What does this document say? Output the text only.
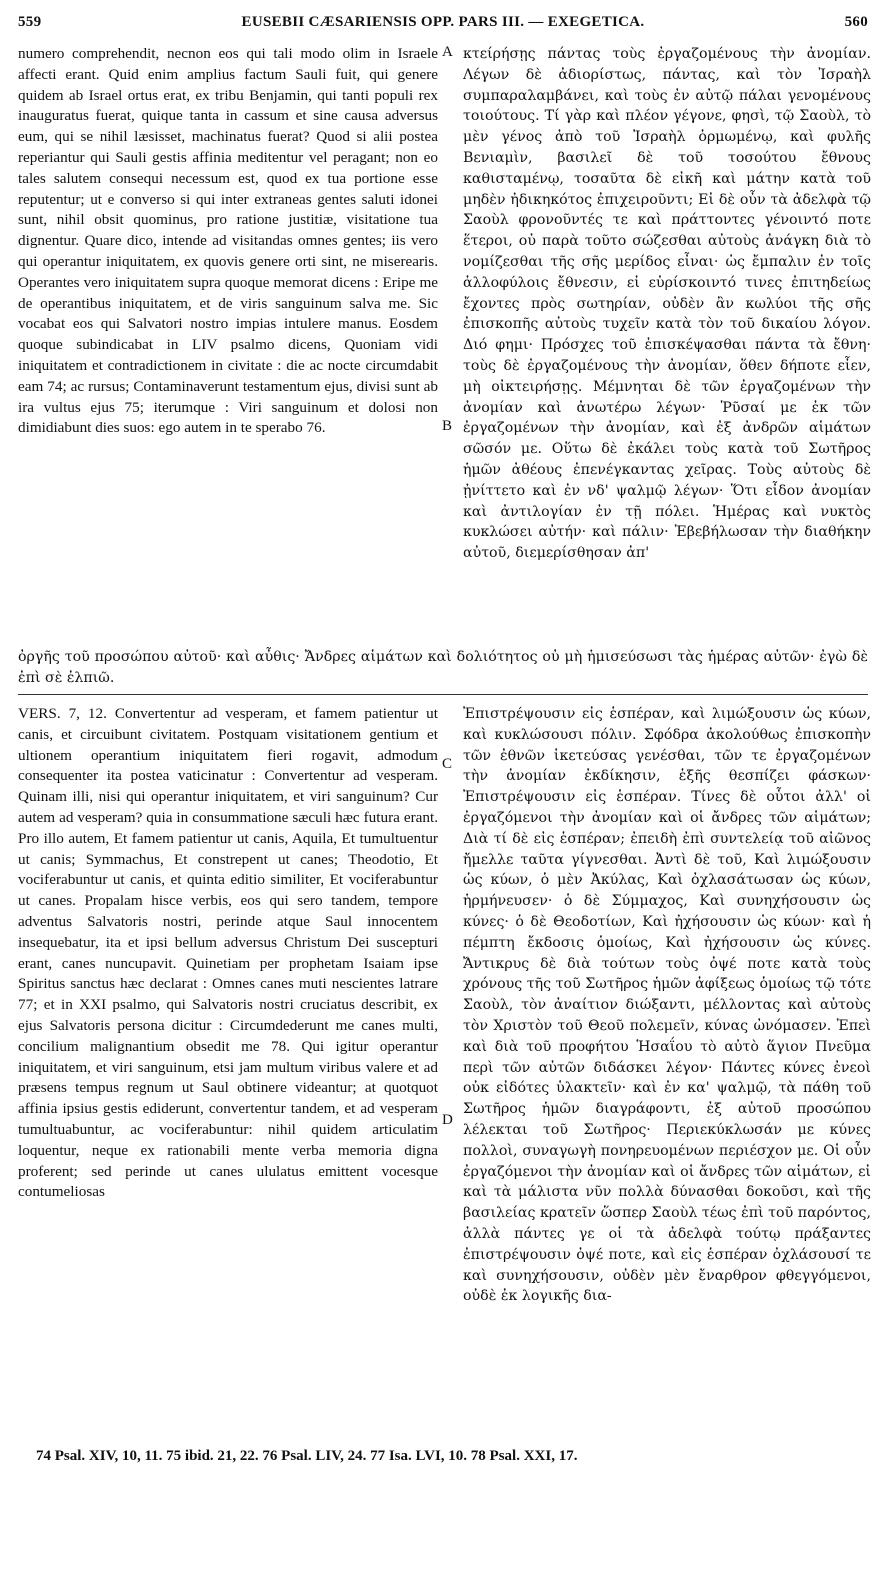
559	EUSEBII CÆSARIENSIS OPP. PARS III. — EXEGETICA.	560

numero comprehendit, necnon eos qui tali modo olim in Israele affecti erant. Quid enim amplius factum Sauli fuit, qui genere quidem ab Israel ortus erat, ex tribu Benjamin, qui tanti populi rex inauguratus fuerat, quique tanta in cassum et sine causa adversus eum, qui se nihil læsisset, machinatus fuerat? Quod si alii postea reperiantur qui Sauli gestis affinia meditentur vel peragant; non eo tales salutem consequi necessum est, quod ex tua portione esse reputentur; ut e converso si qui inter extraneas gentes saluti idonei sunt, nihil obsit quominus, pro ratione justitiæ, visitatione tua dignentur. Quare dico, intende ad visitandas omnes gentes; iis vero qui operantur iniquitatem, ex quovis genere orti sint, ne miserearis. Operantes vero iniquitatem supra quoque memorat dicens : Eripe me de operantibus iniquitatem, et de viris sanguinum salva me. Sic vocabat eos qui Salvatori nostro impias intulere manus. Eosdem quoque subindicabat in LIV psalmo dicens, Quoniam vidi iniquitatem et contradictionem in civitate : die ac nocte circumdabit eam 74; ac rursus; Contaminaverunt testamentum ejus, divisi sunt ab ira vultus ejus 75; iterumque : Viri sanguinum et dolosi non dimidiabunt dies suos: ego autem in te sperabo 76.

A κτείρήσῃς πάντας τοὺς ἐργαζομένους τὴν ἀνομίαν. Λέγων δὲ ἀδιορίστως, πάντας, καὶ τὸν Ἰσραὴλ συμπαραλαμβάνει, καὶ τοὺς ἐν αὐτῷ πάλαι γενομένους τοιούτους. Τί γὰρ καὶ πλέον γέγονε, φησὶ, τῷ Σαοὺλ, τὸ μὲν γένος ἀπὸ τοῦ Ἰσραὴλ ὁρμωμένῳ, καὶ φυλῆς Βενιαμὶν, βασιλεῖ δὲ τοῦ τοσούτου ἔθνους καθισταμένῳ, τοσαῦτα δὲ εἰκῆ καὶ μάτην κατὰ τοῦ μηδὲν ἠδικηκότος ἐπιχειροῦντι; Εἰ δὲ οὖν τὰ ἀδελφὰ τῷ Σαοὺλ φρονοῦντές τε καὶ πράττοντες γένοιντό ποτε ἕτεροι, οὐ παρὰ τοῦτο σώζεσθαι αὐτοὺς ἀνάγκη διὰ τὸ νομίζεσθαι τῆς σῆς μερίδος εἶναι· ὡς ἔμπαλιν ἐν τοῖς ἀλλοφύλοις ἔθνεσιν, εἰ εὑρίσκοιντό τινες ἐπιτηδείως ἔχοντες πρὸς σωτηρίαν, οὐδὲν ἂν κωλύοι τῆς σῆς ἐπισκοπῆς αὐτοὺς τυχεῖν κατὰ τὸν τοῦ δικαίου λόγον. Διό φημι· Πρόσχες τοῦ ἐπισκέψασθαι πάντα τὰ ἔθνη· τοὺς δὲ ἐργαζομένους τὴν ἀνομίαν, ὅθεν δήποτε εἶεν, μὴ οἰκτειρήσῃς. Μέμνηται δὲ τῶν ἐργαζομένων τὴν ἀνομίαν καὶ ἀνωτέρω λέγων· Ῥῦσαί με ἐκ τῶν ἐργαζομένων τὴν ἀνομίαν, καὶ ἐξ ἀνδρῶν αἱμάτων σῶσόν με. Οὕτω δὲ ἐκάλει τοὺς κατὰ τοῦ Σωτῆρος ἡμῶν ἀθέους ἐπενέγκαντας χεῖρας. Τοὺς αὐτοὺς δὲ ᾐνίττετο καὶ ἐν νδ' ψαλμῷ λέγων· Ὅτι εἶδον ἀνομίαν καὶ ἀντιλογίαν ἐν τῇ πόλει. Ἡμέρας καὶ νυκτὸς κυκλώσει αὐτήν· καὶ πάλιν· Ἐβεβήλωσαν τὴν διαθήκην αὐτοῦ, διεμερίσθησαν ἀπ'

B
ὀργῆς τοῦ προσώπου αὐτοῦ· καὶ αὖθις· Ἄνδρες αἱμάτων καὶ δολιότητος οὐ μὴ ἡμισεύσωσι τὰς ἡμέρας αὐτῶν· ἐγὼ δὲ ἐπὶ σὲ ἐλπιῶ.

VERS. 7, 12. Convertentur ad vesperam, et famem patientur ut canis, et circuibunt civitatem. Postquam visitationem gentium et ultionem operantium iniquitatem fieri rogavit, admodum consequenter ita postea vaticinatur : Convertentur ad vesperam. Quinam illi, nisi qui operantur iniquitatem, et viri sanguinum? Cur autem ad vesperam? quia in consummatione sæculi hæc futura erant. Pro illo autem, Et famem patientur ut canis, Aquila, Et tumultuentur ut canis; Symmachus, Et constrepent ut canes; Theodotio, Et vociferabuntur ut canis, et quinta editio similiter, Et vociferabuntur ut canes. Propalam hisce verbis, eos qui sero tandem, tempore adventus Salvatoris nostri, perinde atque Saul innocentem insequebatur, ita et ipsi bellum adversus Christum Dei suscepturi erant, canes nuncupavit. Quinetiam per prophetam Isaiam ipse Spiritus sanctus hæc declarat : Omnes canes muti nescientes latrare 77; et in XXI psalmo, qui Salvatoris nostri cruciatus describit, ex ejus Salvatoris persona dicitur : Circumdederunt me canes multi, concilium malignantium obsedit me 78. Qui igitur operantur iniquitatem, et viri sanguinum, etsi jam multum viribus valere et ad præsens tempus regnum ut Saul obtinere videantur; at quotquot affinia ipsius gestis ediderunt, convertentur tandem, et ad vesperam tumultuabuntur, ac vociferabuntur: nihil quidem articulatim loquentur, neque ex rationabili mente verba memoria digna proferent; sed perinde ut canes ululatus emittent vocesque contumeliosas

C

Ἐπιστρέψουσιν εἰς ἑσπέραν, καὶ λιμώξουσιν ὡς κύων, καὶ κυκλώσουσι πόλιν. Σφόδρα ἀκολούθως ἐπισκοπὴν τῶν ἐθνῶν ἱκετεύσας γενέσθαι, τῶν τε ἐργαζομένων τὴν ἀνομίαν ἐκδίκησιν, ἑξῆς θεσπίζει φάσκων· Ἐπιστρέψουσιν εἰς ἑσπέραν. Τίνες δὲ οὗτοι ἀλλ' οἱ ἐργαζόμενοι τὴν ἀνομίαν καὶ οἱ ἄνδρες τῶν αἱμάτων; Διὰ τί δὲ εἰς ἑσπέραν; ἐπειδὴ ἐπὶ συντελείᾳ τοῦ αἰῶνος ἤμελλε ταῦτα γίγνεσθαι. Ἀντὶ δὲ τοῦ, Καὶ λιμώξουσιν ὡς κύων, ὁ μὲν Ἀκύλας, Καὶ ὀχλασάτωσαν ὡς κύων, ἡρμήνευσεν· ὁ δὲ Σύμμαχος, Καὶ συνηχήσουσιν ὡς κύνες· ὁ δὲ Θεοδοτίων, Καὶ ἠχήσουσιν ὡς κύων· καὶ ἡ πέμπτη ἔκδοσις ὁμοίως, Καὶ ἠχήσουσιν ὡς κύνες. Ἄντικρυς δὲ διὰ τούτων τοὺς ὀψέ ποτε κατὰ τοὺς χρόνους τῆς τοῦ Σωτῆρος ἡμῶν ἀφίξεως ὁμοίως τῷ τότε Σαοὺλ, τὸν ἀναίτιον διώξαντι, μέλλοντας καὶ αὐτοὺς τὸν Χριστὸν τοῦ Θεοῦ πολεμεῖν, κύνας ὠνόμασεν. Ἐπεὶ καὶ διὰ τοῦ προφήτου Ἡσαΐου τὸ αὐτὸ ἅγιον Πνεῦμα περὶ τῶν αὐτῶν διδάσκει λέγον· Πάντες κύνες ἐνεοὶ οὐκ εἰδότες ὑλακτεῖν· καὶ ἐν κα' ψαλμῷ, τὰ πάθη τοῦ Σωτῆρος ἡμῶν διαγράφοντι, ἐξ αὐτοῦ προσώπου λέλεκται τοῦ Σωτῆρος· Περιεκύκλωσάν με κύνες πολλοὶ, συναγωγὴ πονηρευομένων περιέσχον με. Οἱ οὖν ἐργαζόμενοι τὴν ἀνομίαν καὶ οἱ ἄνδρες τῶν αἱμάτων, εἰ καὶ τὰ μάλιστα νῦν πολλὰ δύνασθαι δοκοῦσι, καὶ τῆς βασιλείας κρατεῖν ὥσπερ Σαοὺλ τέως ἐπὶ τοῦ παρόντος, ἀλλὰ πάντες γε οἱ τὰ ἀδελφὰ τούτῳ πράξαντες ἐπιστρέψουσιν ὀψέ ποτε, καὶ εἰς ἑσπέραν ὀχλάσουσί τε καὶ συνηχήσουσιν, οὐδὲν μὲν ἔναρθρον φθεγγόμενοι, οὐδὲ ἐκ λογικῆς δια-

D
74 Psal. XIV, 10, 11. 75 ibid. 21, 22. 76 Psal. LIV, 24. 77 Isa. LVI, 10. 78 Psal. XXI, 17.
